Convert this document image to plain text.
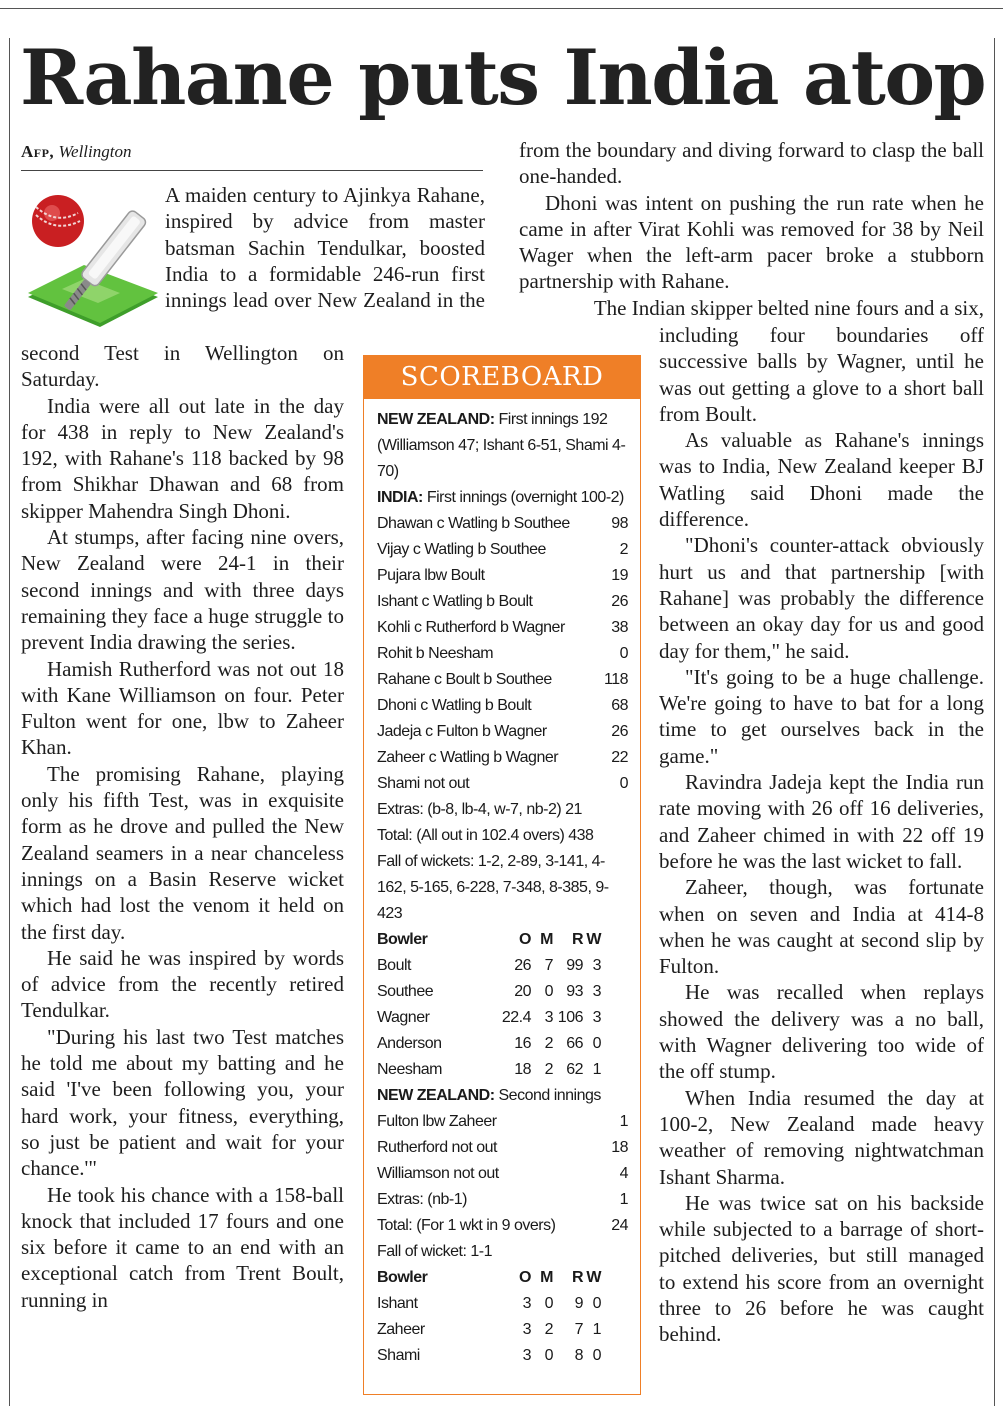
Rahane puts India atop
Afp, Wellington

A maiden century to Ajinkya Rahane, inspired by advice from master batsman Sachin Tendulkar, boosted India to a formidable 246-run first innings lead over New Zealand in the

second Test in Wellington on Saturday.

India were all out late in the day for 438 in reply to New Zealand's 192, with Rahane's 118 backed by 98 from Shikhar Dhawan and 68 from skipper Mahendra Singh Dhoni.

At stumps, after facing nine overs, New Zealand were 24-1 in their second innings and with three days remaining they face a huge struggle to prevent India drawing the series.

Hamish Rutherford was not out 18 with Kane Williamson on four. Peter Fulton went for one, lbw to Zaheer Khan.

The promising Rahane, playing only his fifth Test, was in exquisite form as he drove and pulled the New Zealand seamers in a near chanceless innings on a Basin Reserve wicket which had lost the venom it held on the first day.

He said he was inspired by words of advice from the recently retired Tendulkar.

"During his last two Test matches he told me about my batting and he said 'I've been following you, your hard work, your fitness, everything, so just be patient and wait for your chance.'"

He took his chance with a 158-ball knock that included 17 fours and one six before it came to an end with an exceptional catch from Trent Boult, running in

from the boundary and diving forward to clasp the ball one-handed.

Dhoni was intent on pushing the run rate when he came in after Virat Kohli was removed for 38 by Neil Wager when the left-arm pacer broke a stubborn partnership with Rahane.

The Indian skipper belted nine fours and a six,

including four boundaries off successive balls by Wagner, until he was out getting a glove to a short ball from Boult.

As valuable as Rahane's innings was to India, New Zealand keeper BJ Watling said Dhoni made the difference.

"Dhoni's counter-attack obviously hurt us and that partnership [with Rahane] was probably the difference between an okay day for us and good day for them," he said.

"It's going to be a huge challenge. We're going to have to bat for a long time to get ourselves back in the game."

Ravindra Jadeja kept the India run rate moving with 26 off 16 deliveries, and Zaheer chimed in with 22 off 19 before he was the last wicket to fall.

Zaheer, though, was fortunate when on seven and India at 414-8 when he was caught at second slip by Fulton.

He was recalled when replays showed the delivery was a no ball, with Wagner delivering too wide of the off stump.

When India resumed the day at 100-2, New Zealand made heavy weather of removing nightwatchman Ishant Sharma.

He was twice sat on his backside while subjected to a barrage of short-pitched deliveries, but still managed to extend his score from an overnight three to 26 before he was caught behind.

SCOREBOARD

NEW ZEALAND: First innings 192 (Williamson 47; Ishant 6-51, Shami 4-70)

INDIA: First innings (overnight 100-2)

Dhawan c Watling b Southee	98
Vijay c Watling b Southee	2
Pujara lbw Boult	19
Ishant c Watling b Boult	26
Kohli c Rutherford b Wagner	38
Rohit b Neesham	0
Rahane c Boult b Southee	118
Dhoni c Watling b Boult	68
Jadeja c Fulton b Wagner	26
Zaheer c Watling b Wagner	22
Shami not out	0
Extras: (b-8, lb-4, w-7, nb-2) 21
Total: (All out in 102.4 overs) 438

Fall of wickets: 1-2, 2-89, 3-141, 4-162, 5-165, 6-228, 7-348, 8-385, 9-423

Bowler	O M	R W
Boult	26 7 99 3
Southee	20 0 93 3
Wagner	22.4 3 106 3
Anderson	16 2 66 0
Neesham	18 2 62 1

NEW ZEALAND: Second innings

Fulton lbw Zaheer	1
Rutherford not out	18
Williamson not out	4
Extras: (nb-1)	1
Total: (For 1 wkt in 9 overs)	24
Fall of wicket: 1-1
Bowler	O M	R W
Ishant	3 0	9 0
Zaheer	3 2	7 1
Shami	3 0	8 0
